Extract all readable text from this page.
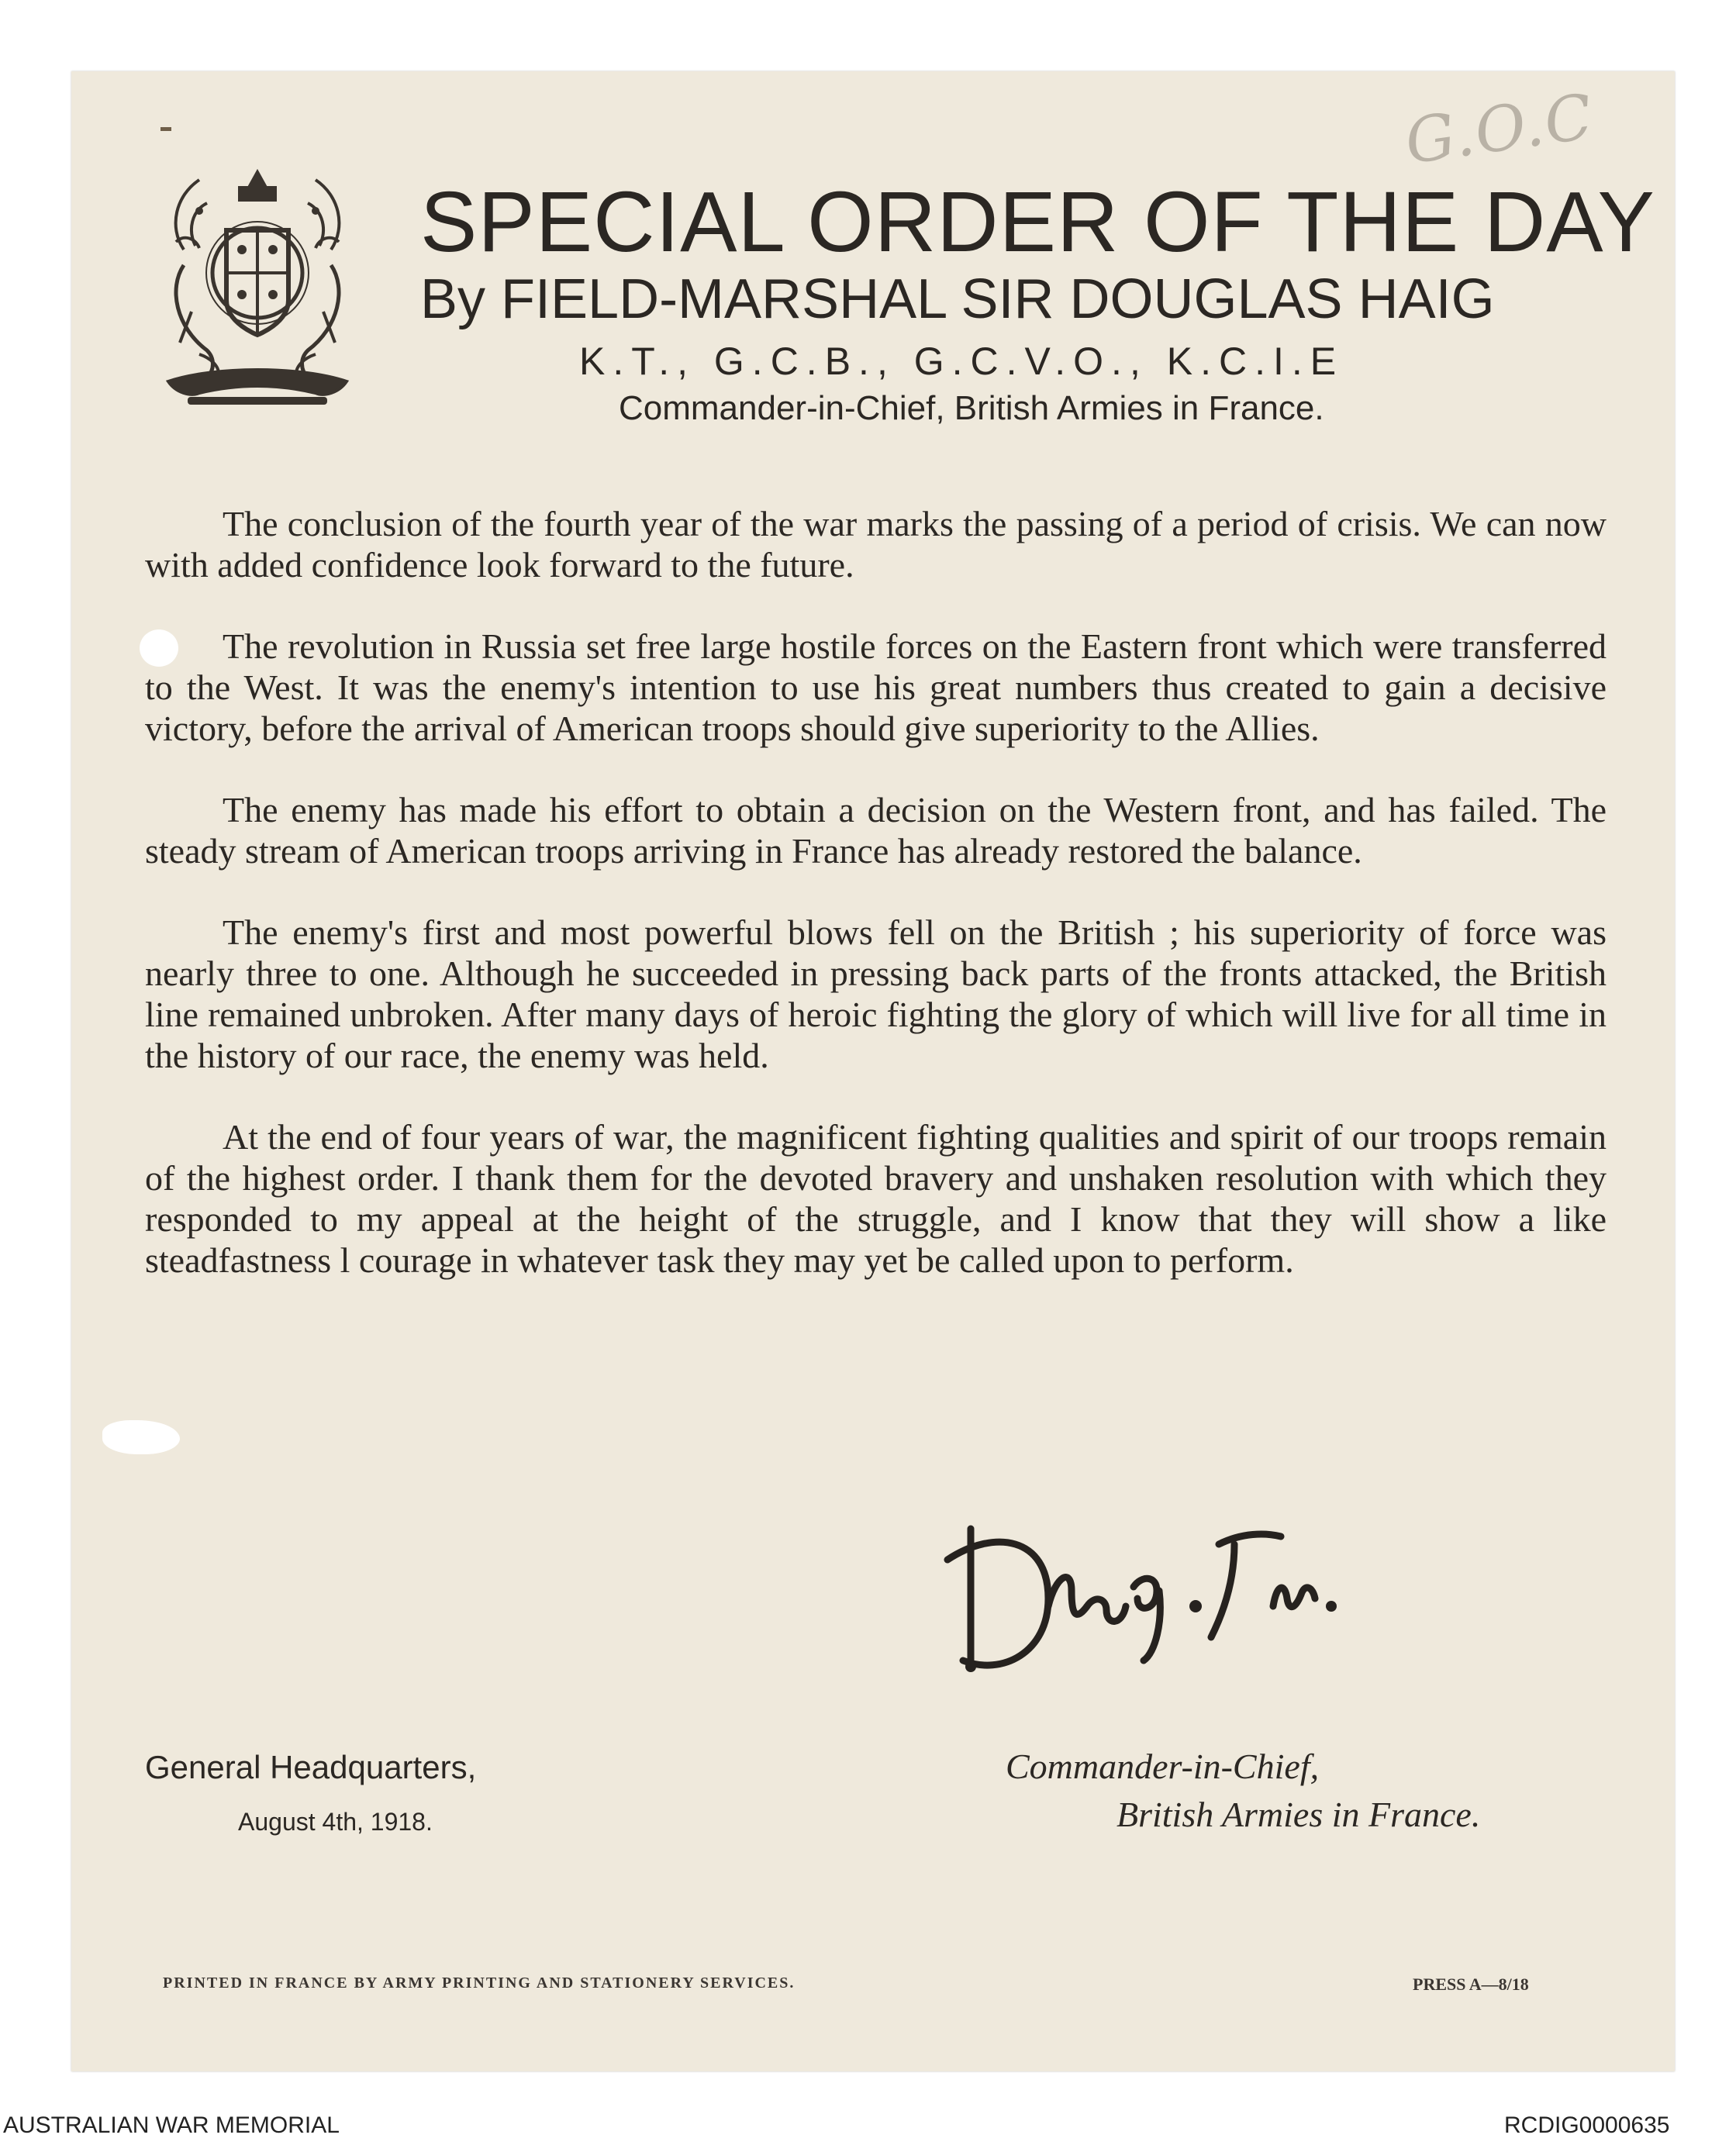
G.O.C
SPECIAL ORDER OF THE DAY
By FIELD-MARSHAL SIR DOUGLAS HAIG
K.T., G.C.B., G.C.V.O., K.C.I.E
Commander-in-Chief, British Armies in France.

The conclusion of the fourth year of the war marks the passing of a period of crisis. We can now with added confidence look forward to the future.

The revolution in Russia set free large hostile forces on the Eastern front which were transferred to the West. It was the enemy's intention to use his great numbers thus created to gain a decisive victory, before the arrival of American troops should give superiority to the Allies.

The enemy has made his effort to obtain a decision on the Western front, and has failed. The steady stream of American troops arriving in France has already restored the balance.

The enemy's first and most powerful blows fell on the British ; his superiority of force was nearly three to one. Although he succeeded in pressing back parts of the fronts attacked, the British line remained unbroken. After many days of heroic fighting the glory of which will live for all time in the history of our race, the enemy was held.

At the end of four years of war, the magnificent fighting qualities and spirit of our troops remain of the highest order. I thank them for the devoted bravery and unshaken resolution with which they responded to my appeal at the height of the struggle, and I know that they will show a like steadfastness l courage in whatever task they may yet be called upon to perform.

General Headquarters,
August 4th, 1918.
Commander-in-Chief,
British Armies in France.
PRINTED IN FRANCE BY ARMY PRINTING AND STATIONERY SERVICES.	PRESS A—8/18
AUSTRALIAN WAR MEMORIAL	RCDIG0000635
